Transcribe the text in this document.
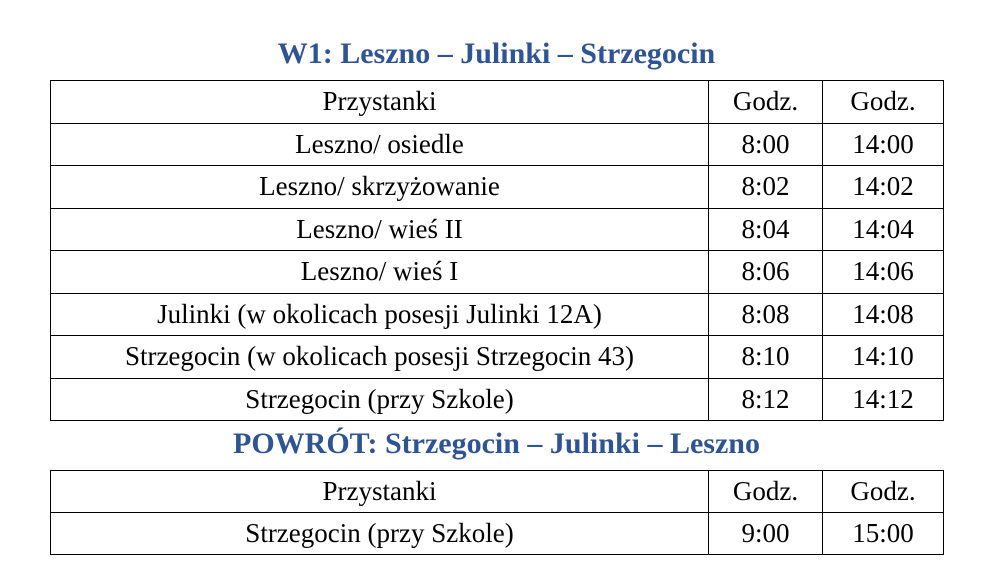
W1: Leszno – Julinki – Strzegocin
Przystanki	Godz.	Godz.
Leszno/ osiedle	8:00	14:00
Leszno/ skrzyżowanie	8:02	14:02
Leszno/ wieś II	8:04	14:04
Leszno/ wieś I	8:06	14:06
Julinki (w okolicach posesji Julinki 12A)	8:08	14:08
Strzegocin (w okolicach posesji Strzegocin 43)	8:10	14:10
Strzegocin (przy Szkole)	8:12	14:12
POWRÓT: Strzegocin – Julinki – Leszno
Przystanki	Godz.	Godz.
Strzegocin (przy Szkole)	9:00	15:00
